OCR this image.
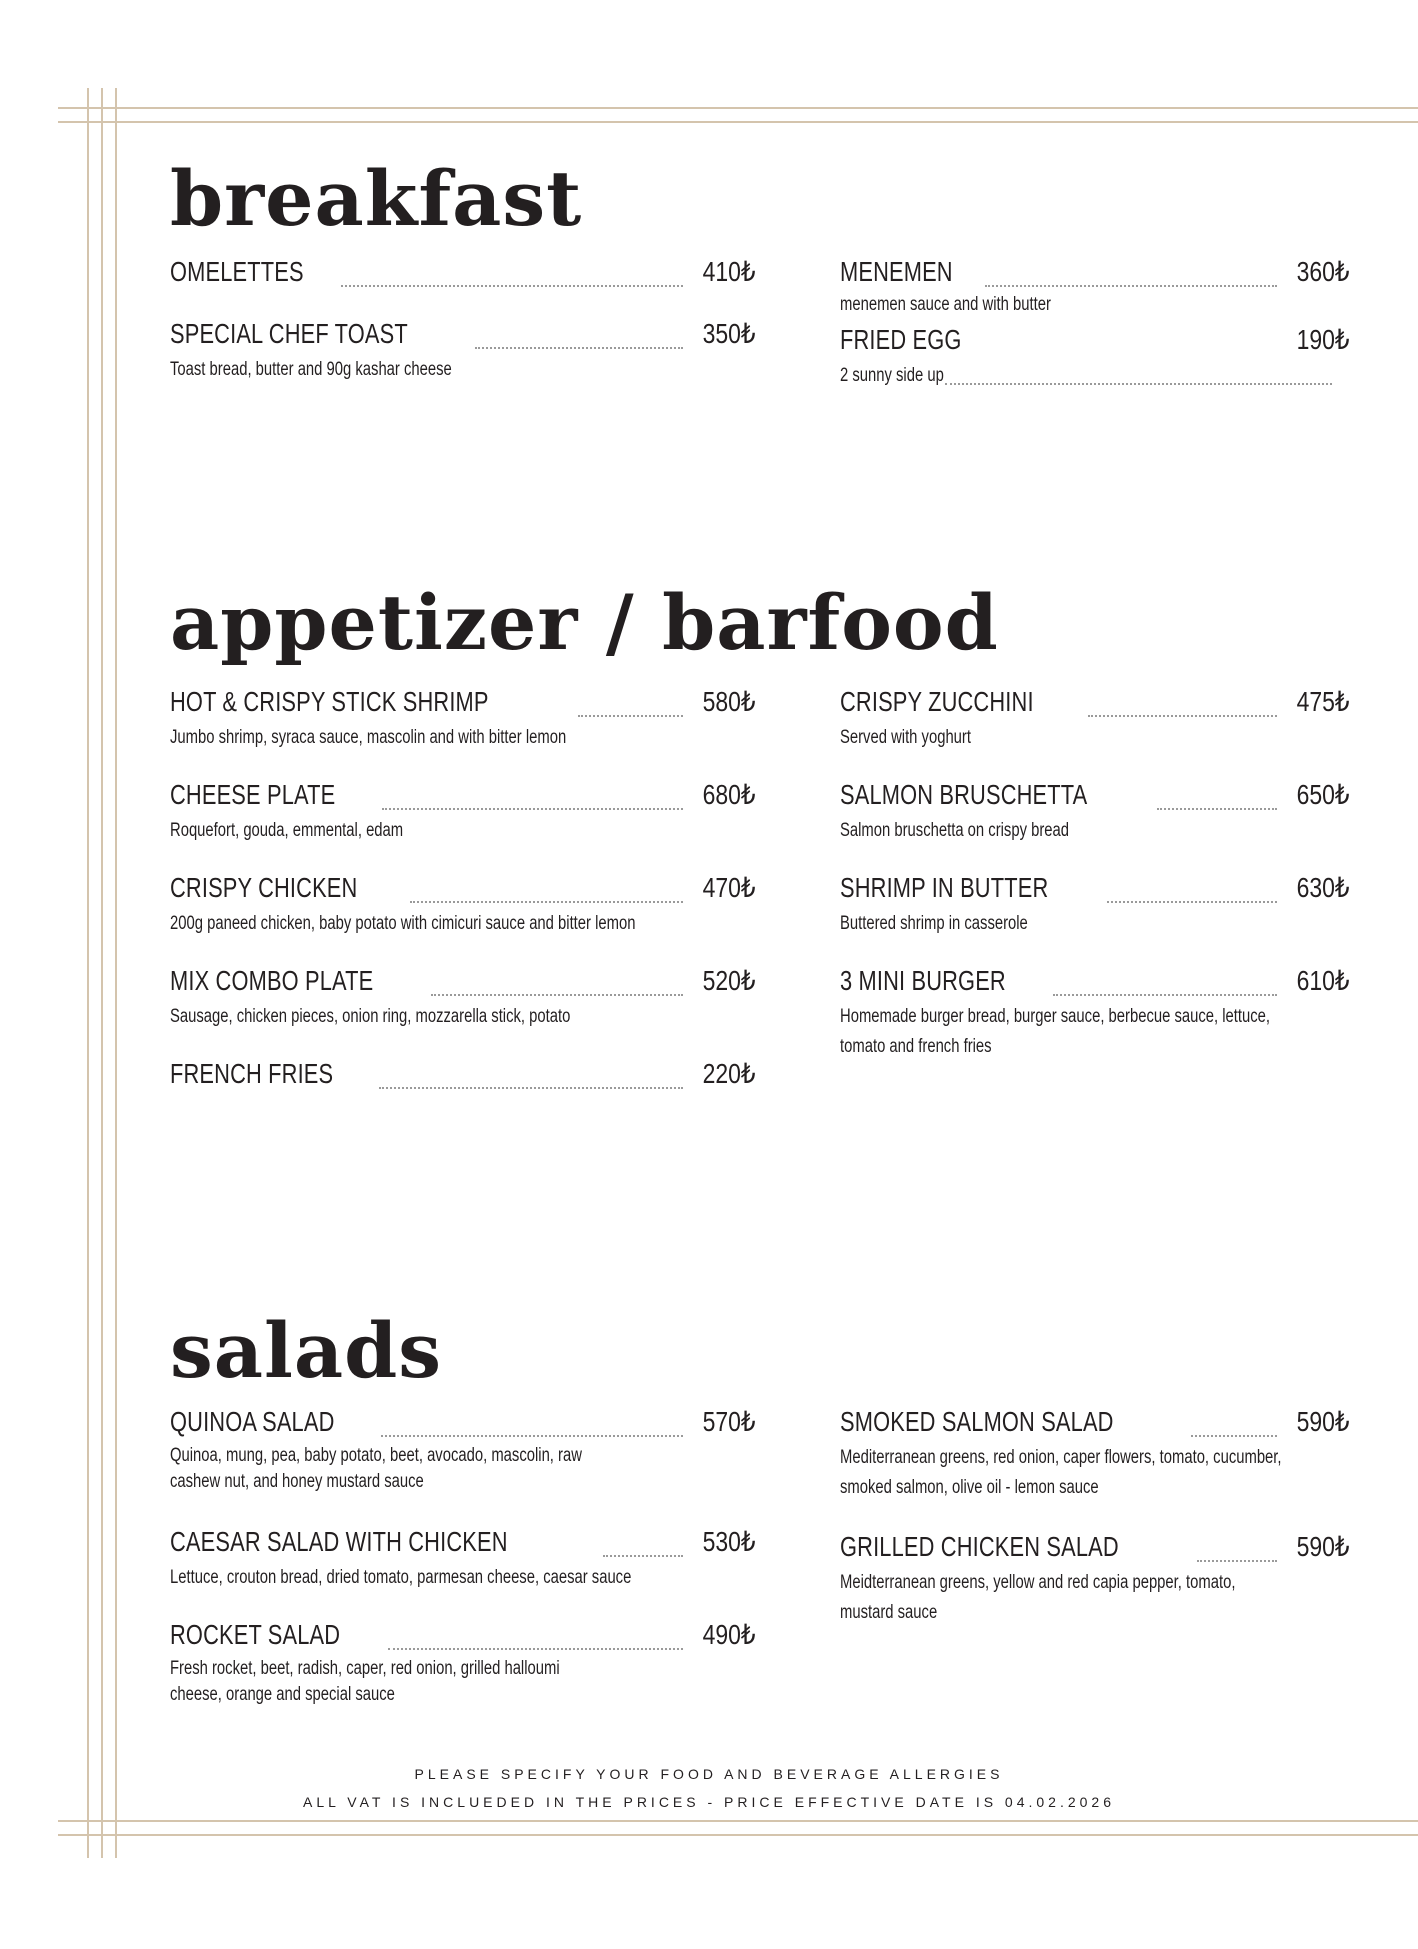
breakfast
OMELETTES	410₺
SPECIAL CHEF TOAST	350₺
Toast bread, butter and 90g kashar cheese
MENEMEN	360₺
menemen sauce and with butter
FRIED EGG	190₺
2 sunny side up
appetizer / barfood
HOT & CRISPY STICK SHRIMP	580₺
Jumbo shrimp, syraca sauce, mascolin and with bitter lemon
CHEESE PLATE	680₺
Roquefort, gouda, emmental, edam
CRISPY CHICKEN	470₺
200g paneed chicken, baby potato with cimicuri sauce and bitter lemon
MIX COMBO PLATE	520₺
Sausage, chicken pieces, onion ring, mozzarella stick, potato
FRENCH FRIES	220₺
CRISPY ZUCCHINI	475₺
Served with yoghurt
SALMON BRUSCHETTA	650₺
Salmon bruschetta on crispy bread
SHRIMP IN BUTTER	630₺
Buttered shrimp in casserole
3 MINI BURGER	610₺
Homemade burger bread, burger sauce, berbecue sauce, lettuce, tomato and french fries
salads
QUINOA SALAD	570₺
Quinoa, mung, pea, baby potato, beet, avocado, mascolin, raw cashew nut, and honey mustard sauce
CAESAR SALAD WITH CHICKEN	530₺
Lettuce, crouton bread, dried tomato, parmesan cheese, caesar sauce
ROCKET SALAD	490₺
Fresh rocket, beet, radish, caper, red onion, grilled halloumi cheese, orange and special sauce
SMOKED SALMON SALAD	590₺
Mediterranean greens, red onion, caper flowers, tomato, cucumber, smoked salmon, olive oil - lemon sauce
GRILLED CHICKEN SALAD	590₺
Meidterranean greens, yellow and red capia pepper, tomato, mustard sauce
PLEASE SPECIFY YOUR FOOD AND BEVERAGE ALLERGIES
ALL VAT IS INCLUEDED IN THE PRICES - PRICE EFFECTIVE DATE IS 04.02.2026
